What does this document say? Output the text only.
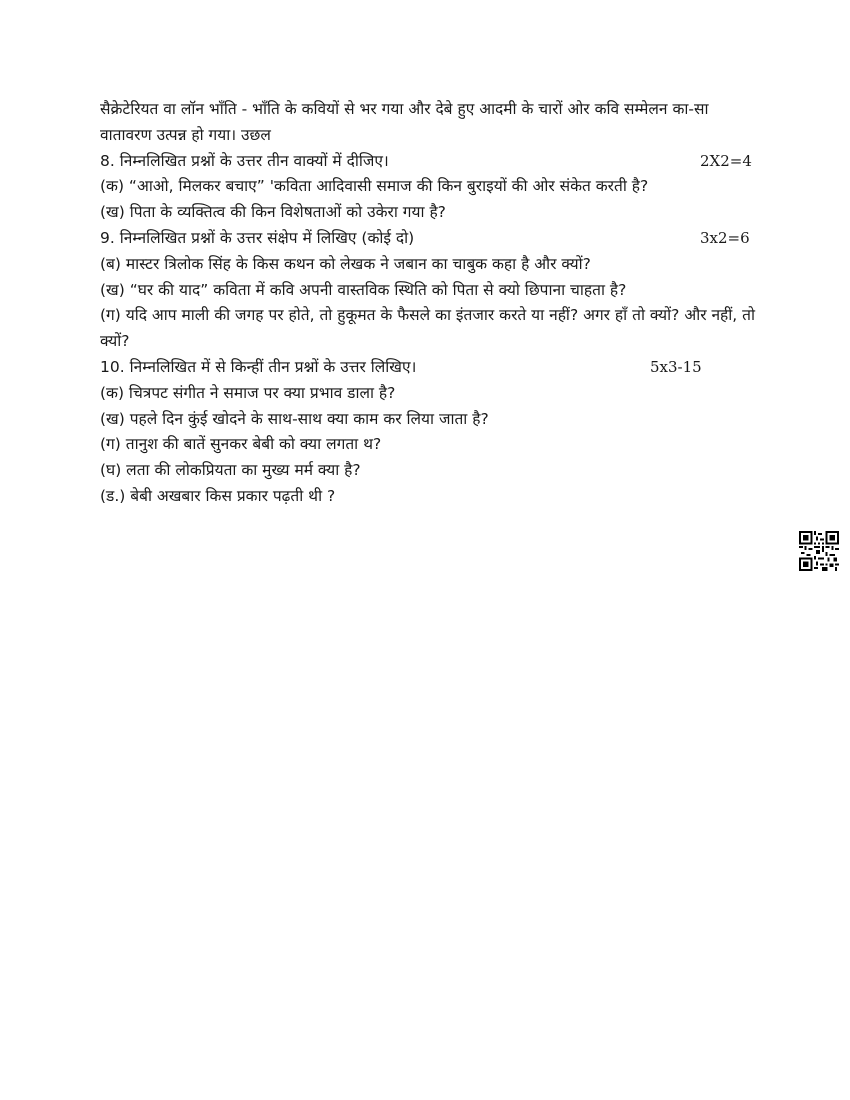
सैक्रेटेरियत वा लॉन भाँति - भाँति के कवियों से भर गया और देबे हुए आदमी के चारों ओर कवि सम्मेलन का-सा
वातावरण उत्पन्न हो गया। उछल
8. निम्नलिखित प्रश्नों के उत्तर तीन वाक्यों में दीजिए।	2X2=4
(क) “आओ, मिलकर बचाए” 'कविता आदिवासी समाज की किन बुराइयों की ओर संकेत करती है?
(ख) पिता के व्यक्तित्व की किन विशेषताओं को उकेरा गया है?
9. निम्नलिखित प्रश्नों के उत्तर संक्षेप में लिखिए (कोई दो)	3x2=6
(ब) मास्टर त्रिलोक सिंह के किस कथन को लेखक ने जबान का चाबुक कहा है और क्यों?
(ख) “घर की याद” कविता में कवि अपनी वास्तविक स्थिति को पिता से क्यो छिपाना चाहता है?
(ग) यदि आप माली की जगह पर होते, तो हुकूमत के फैसले का इंतजार करते या नहीं? अगर हाँ तो क्यों? और नहीं, तो क्यों?
10. निम्नलिखित में से किन्हीं तीन प्रश्नों के उत्तर लिखिए।	5x3-15
(क) चित्रपट संगीत ने समाज पर क्या प्रभाव डाला है?
(ख) पहले दिन कुंई खोदने के साथ-साथ क्या काम कर लिया जाता है?
(ग) तानुश की बातें सुनकर बेबी को क्या लगता थ?
(घ) लता की लोकप्रियता का मुख्य मर्म क्या है?
(ड.) बेबी अखबार किस प्रकार पढ़ती थी ?
